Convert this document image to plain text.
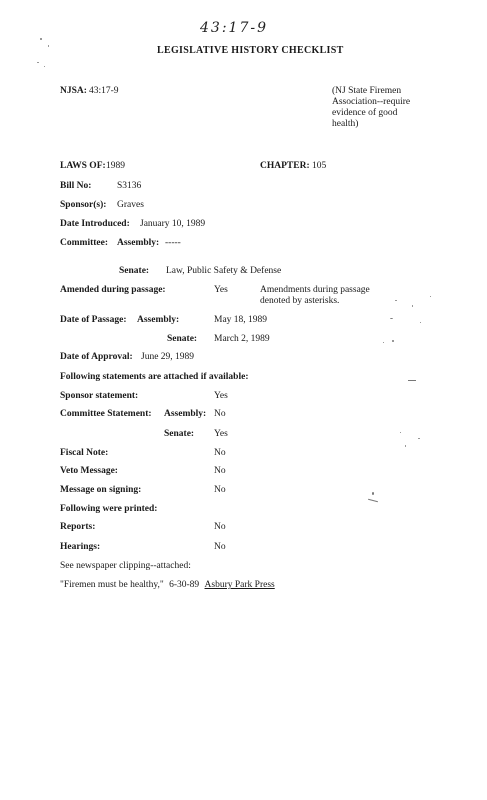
43:17-9
LEGISLATIVE HISTORY CHECKLIST
NJSA: 43:17-9	(NJ State Firemen Association--require evidence of good health)
LAWS OF: 1989	CHAPTER: 105
Bill No:	S3136
Sponsor(s): Graves
Date Introduced: January 10, 1989
Committee: Assembly: -----
Senate: Law, Public Safety & Defense
Amended during passage:	Yes	Amendments during passage denoted by asterisks.
Date of Passage: Assembly:	May 18, 1989
Senate: March 2, 1989
Date of Approval: June 29, 1989
Following statements are attached if available:
Sponsor statement:	Yes
Committee Statement: Assembly: No
Senate: Yes
Fiscal Note:	No
Veto Message:	No
Message on signing:	No
Following were printed:
Reports:	No
Hearings:	No
See newspaper clipping--attached:
"Firemen must be healthy," 6-30-89 Asbury Park Press
